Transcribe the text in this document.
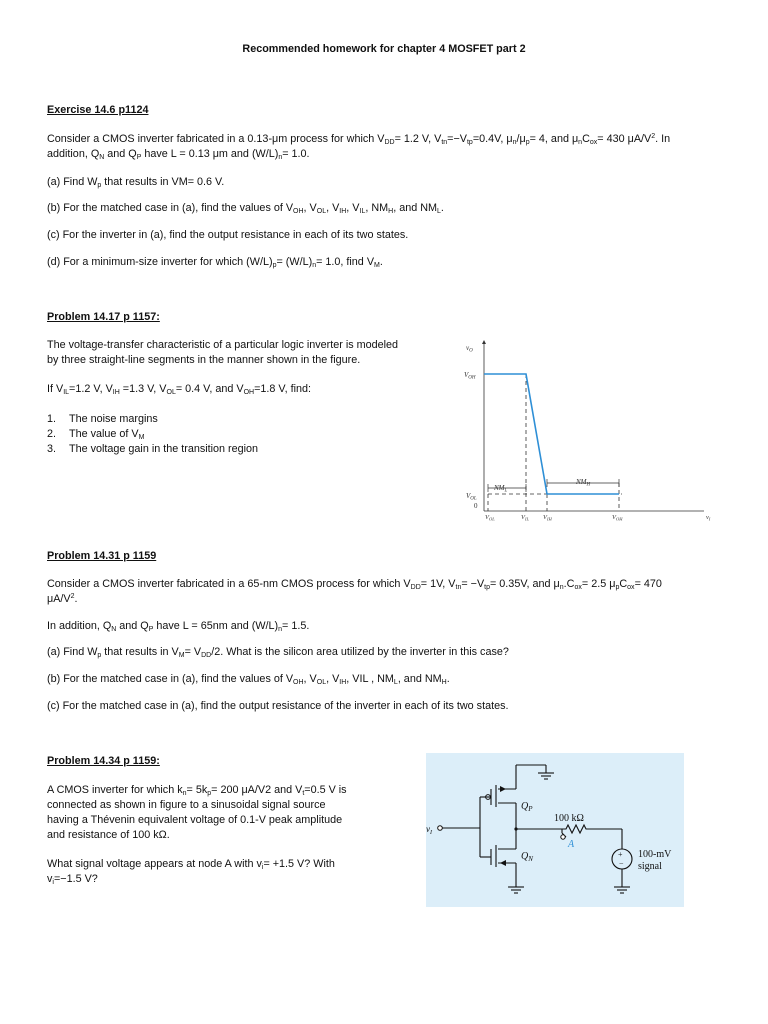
Recommended homework for chapter 4 MOSFET part 2
Exercise 14.6 p1124
Consider a CMOS inverter fabricated in a 0.13-μm process for which $V_{DD}= 1.2$ V, $V_{tn}=-V_{tp}=0.4V$, $\mu_n/\mu_p= 4$, and $\mu_nC_{ox}= 430$ $\mu A/V^2$. In
addition, $Q_N$ and $Q_P$ have L = 0.13 μm and $(W/L)_n= 1.0$.
(a) Find $W_p$ that results in VM= 0.6 V.
(b) For the matched case in (a), find the values of $V_{OH}$, $V_{OL}$, $V_{IH}$, $V_{IL}$, $NM_H$, and $NM_L$.
(c) For the inverter in (a), find the output resistance in each of its two states.
(d) For a minimum-size inverter for which $(W/L)_p= (W/L)_n= 1.0$, find $V_M$.
Problem 14.17 p 1157:
The voltage-transfer characteristic of a particular logic inverter is modeled
by three straight-line segments in the manner shown in the figure.
If $V_{IL}=1.2$ V, $V_{IH} =1.3$ V, $V_{OL}= 0.4$ V, and $V_{OH}=1.8$ V, find:
1. The noise margins
2. The value of $V_M$
3. The voltage gain in the transition region
$v_O$
$V_{OH}$
$V_{OL}$
0
$NM_L$
$NM_H$
$V_{OL}$	$V_{IL}$ $V_{IH}$	$V_{OH}$	$v_I$
Problem 14.31 p 1159
Consider a CMOS inverter fabricated in a 65-nm CMOS process for which $V_{DD}= 1V$, $V_{tn}= -V_{tp}= 0.35V$, and $\mu_n.C_{ox}= 2.5$ $\mu_pC_{ox}= 470$
$\mu A/V^2$.
In addition, $Q_N$ and $Q_P$ have L = 65nm and $(W/L)_n= 1.5$.
(a) Find $W_p$ that results in $V_M= V_{DD}/2$. What is the silicon area utilized by the inverter in this case?
(b) For the matched case in (a), find the values of $V_{OH}$, $V_{OL}$, $V_{IH}$, VIL , $NM_L$, and $NM_H$.
(c) For the matched case in (a), find the output resistance of the inverter in each of its two states.
Problem 14.34 p 1159:
A CMOS inverter for which $k_n= 5k_p= 200$ μA/V2 and $V_t=0.5$ V is
connected as shown in figure to a sinusoidal signal source
having a Thévenin equivalent voltage of 0.1-V peak amplitude
and resistance of 100 kΩ.
What signal voltage appears at node A with $v_i= +1.5$ V? With
$v_i=-1.5$ V?
+
−
$Q_P$
$Q_N$
100 kΩ
A
$v_I$
100-mV
signal
